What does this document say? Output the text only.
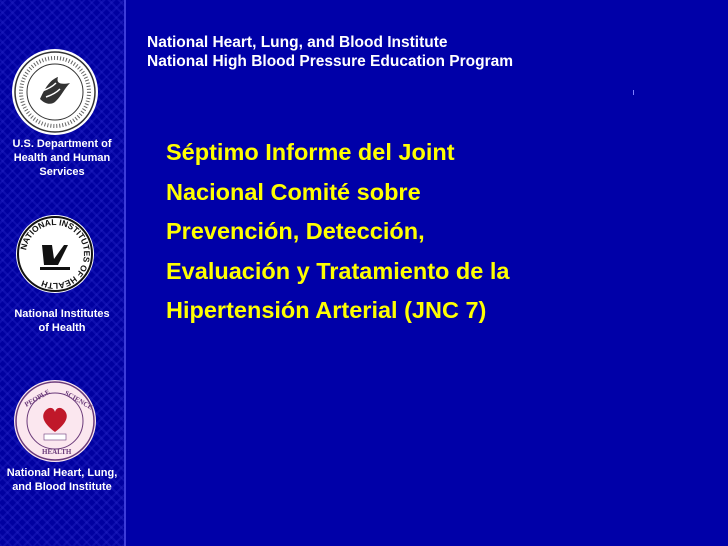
U.S. Department of
Health and Human
Services
NATIONAL INSTITUTES OF HEALTH
National Institutes
of Health
PEOPLE SCIENCE
HEALTH
National Heart, Lung,
and Blood Institute
National Heart, Lung, and Blood Institute
National High Blood Pressure Education Program
Séptimo Informe del Joint
Nacional Comité sobre
Prevención, Detección,
Evaluación y Tratamiento de la
Hipertensión Arterial (JNC 7)
